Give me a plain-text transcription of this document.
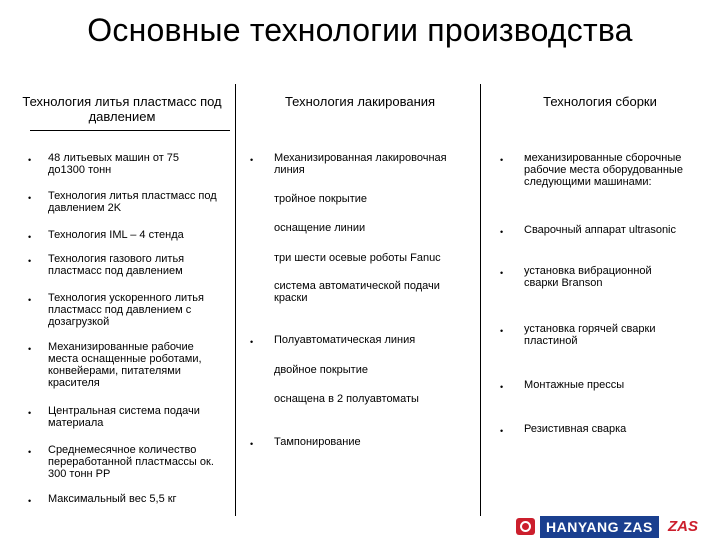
Основные технологии производства
Технология литья пластмасс под давлением
• 48 литьевых машин от 75 до1300 тонн
• Технология литья пластмасс под давлением 2K
• Технология IML – 4 стенда
• Технология газового литья пластмасс под давлением
• Технология ускоренного литья пластмасс под давлением с дозагрузкой
• Механизированные рабочие места оснащенные роботами, конвейерами, питателями красителя
• Центральная система подачи материала
• Среднемесячное количество переработанной пластмассы ок. 300 тонн PP
• Максимальный вес 5,5 кг
Технология лакирования
• Механизированная лакировочная линия
тройное покрытие
оснащение линии
три шести осевые роботы Fanuc
система автоматической подачи краски
• Полуавтоматическая линия
двойное покрытие
оснащена в 2 полуавтоматы
• Тампонирование
Технология сборки
• механизированные сборочные рабочие места оборудованные следующими машинами:
• Сварочный аппарат ultrasonic
• установка вибрационной сварки Branson
• установка горячей сварки пластиной
• Монтажные прессы
• Резистивная сварка
HANYANG ZAS	ZAS
